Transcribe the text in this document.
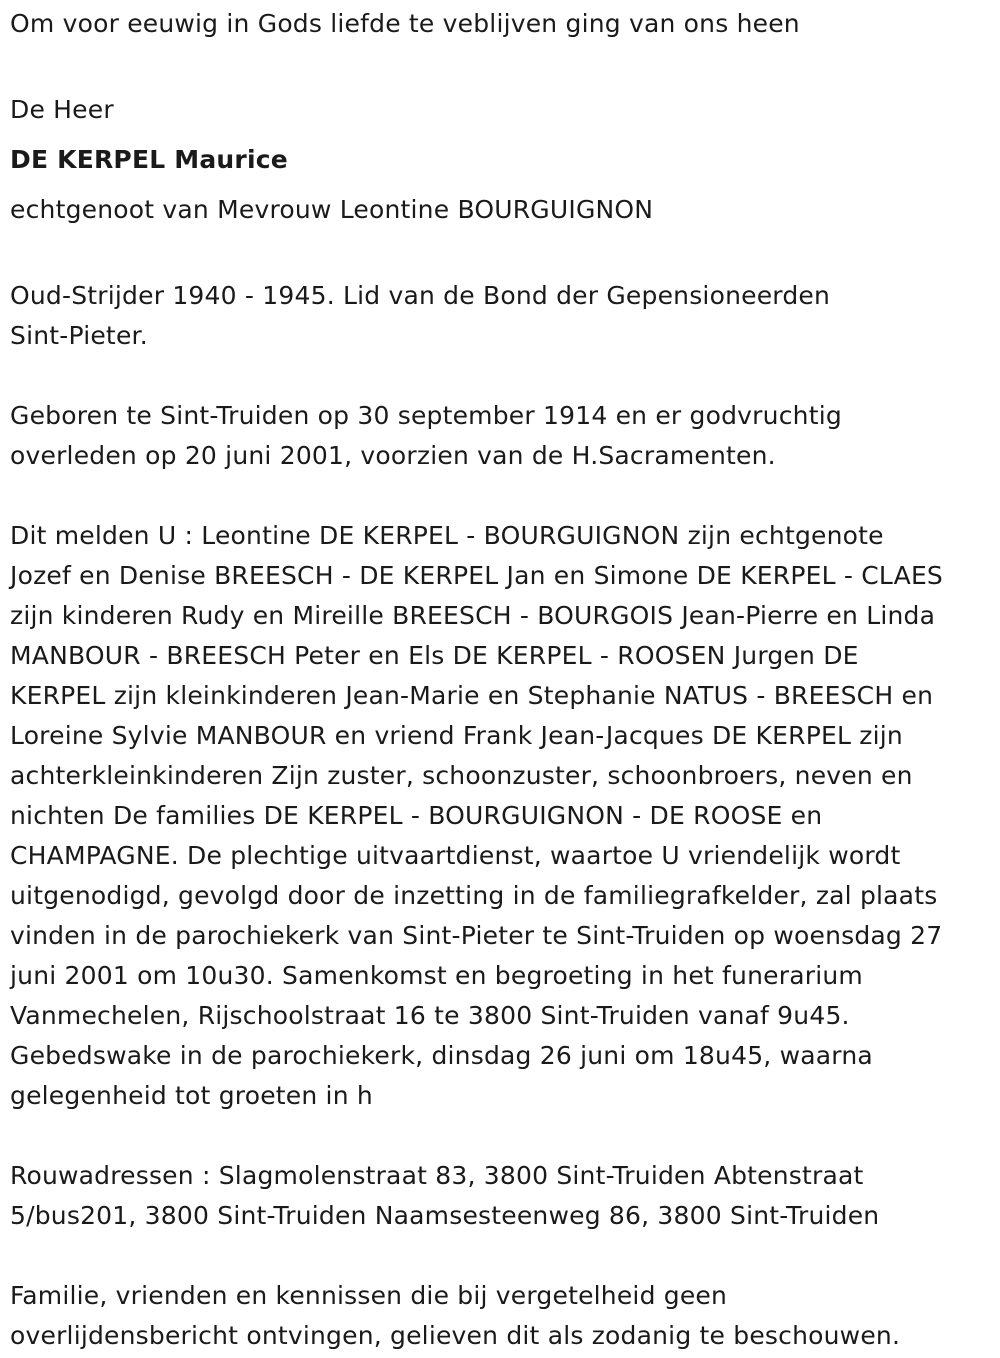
Om voor eeuwig in Gods liefde te veblijven ging van ons heen

De Heer

DE KERPEL Maurice

echtgenoot van Mevrouw Leontine BOURGUIGNON

Oud-Strijder 1940 - 1945. Lid van de Bond der Gepensioneerden

Sint-Pieter.

Geboren te Sint-Truiden op 30 september 1914 en er godvruchtig

overleden op 20 juni 2001, voorzien van de H.Sacramenten.

Dit melden U : Leontine DE KERPEL - BOURGUIGNON zijn echtgenote

Jozef en Denise BREESCH - DE KERPEL Jan en Simone DE KERPEL - CLAES

zijn kinderen Rudy en Mireille BREESCH - BOURGOIS Jean-Pierre en Linda

MANBOUR - BREESCH Peter en Els DE KERPEL - ROOSEN Jurgen DE

KERPEL zijn kleinkinderen Jean-Marie en Stephanie NATUS - BREESCH en

Loreine Sylvie MANBOUR en vriend Frank Jean-Jacques DE KERPEL zijn

achterkleinkinderen Zijn zuster, schoonzuster, schoonbroers, neven en

nichten De families DE KERPEL - BOURGUIGNON - DE ROOSE en

CHAMPAGNE. De plechtige uitvaartdienst, waartoe U vriendelijk wordt

uitgenodigd, gevolgd door de inzetting in de familiegrafkelder, zal plaats

vinden in de parochiekerk van Sint-Pieter te Sint-Truiden op woensdag 27

juni 2001 om 10u30. Samenkomst en begroeting in het funerarium

Vanmechelen, Rijschoolstraat 16 te 3800 Sint-Truiden vanaf 9u45.

Gebedswake in de parochiekerk, dinsdag 26 juni om 18u45, waarna

gelegenheid tot groeten in h

Rouwadressen : Slagmolenstraat 83, 3800 Sint-Truiden Abtenstraat

5/bus201, 3800 Sint-Truiden Naamsesteenweg 86, 3800 Sint-Truiden

Familie, vrienden en kennissen die bij vergetelheid geen

overlijdensbericht ontvingen, gelieven dit als zodanig te beschouwen.
